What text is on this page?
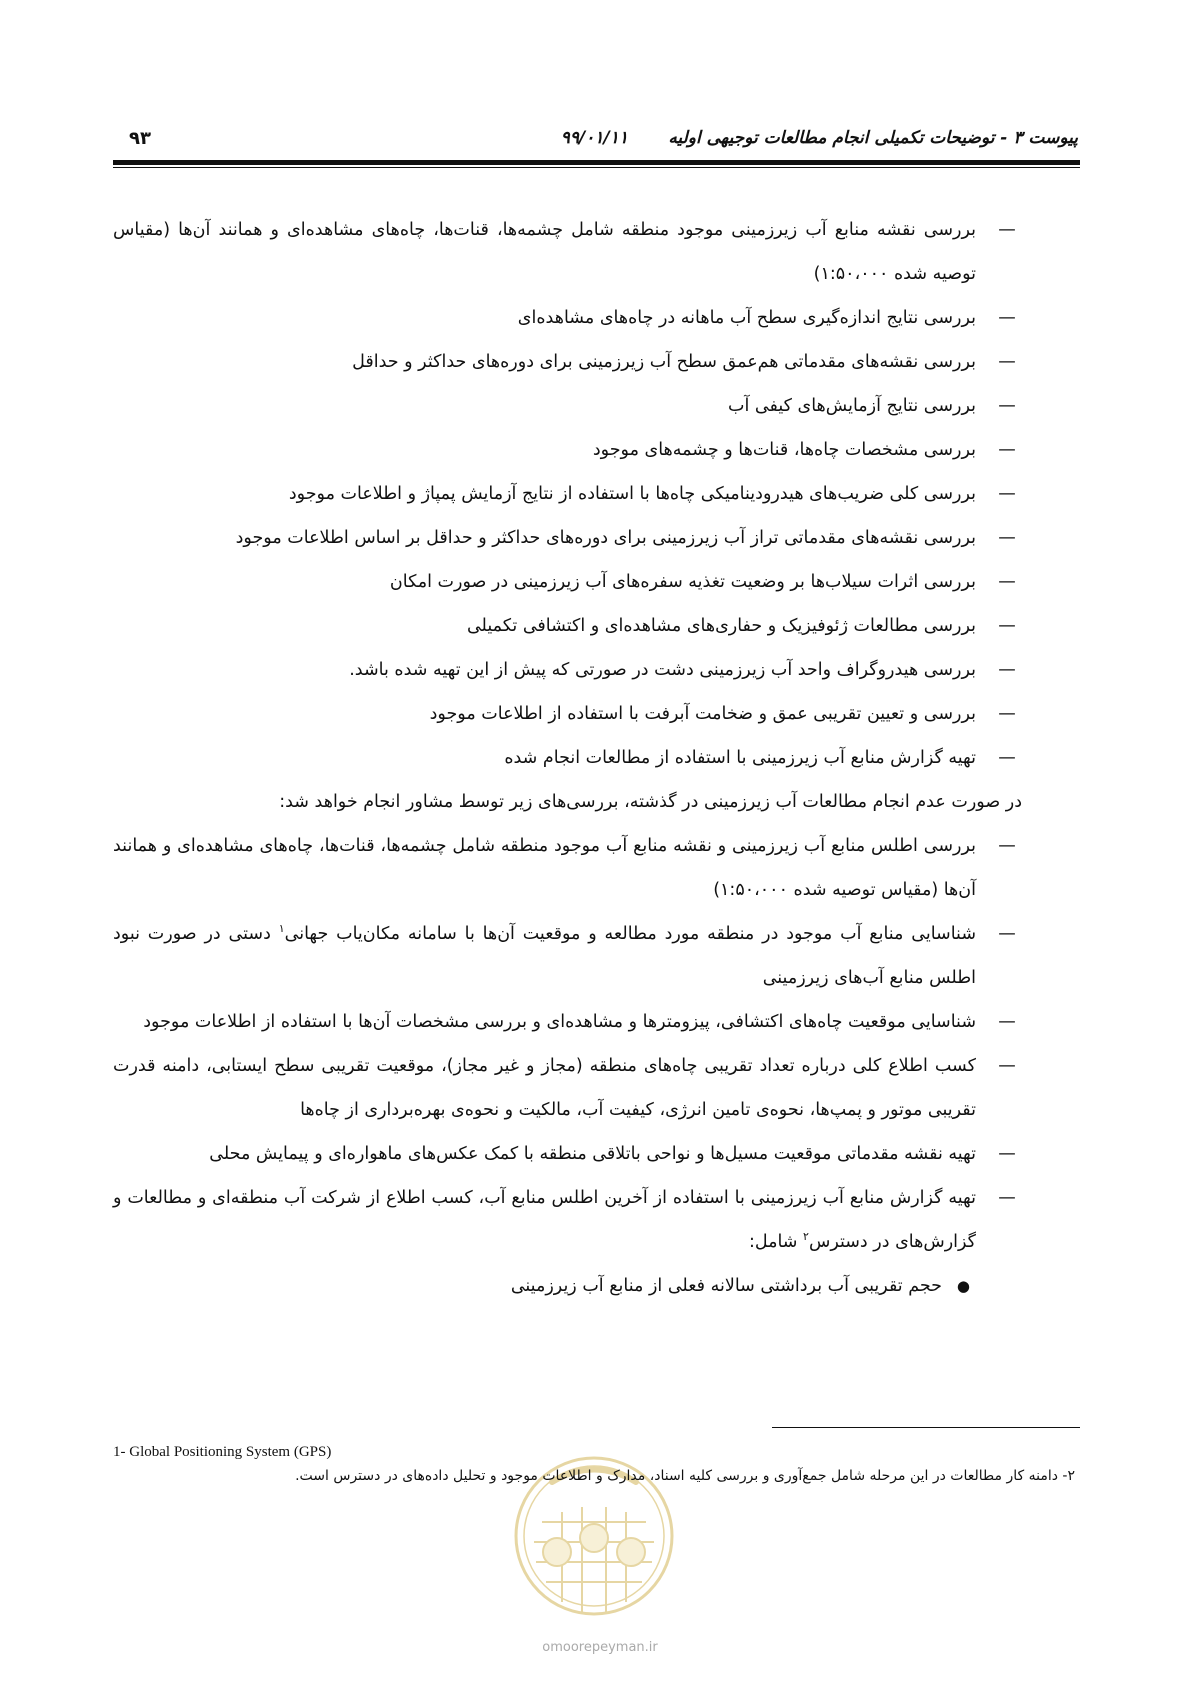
پیوست ۳ - توضیحات تکمیلی انجام مطالعات توجیهی اولیه
۹۹/۰۱/۱۱
۹۳
—
بررسی نقشه منابع آب زیرزمینی موجود منطقه شامل چشمه‌ها، قنات‌ها، چاه‌های مشاهده‌ای و همانند آن‌ها (مقیاس توصیه شده ۱:۵۰،۰۰۰)
—
بررسی نتایج اندازه‌گیری سطح آب ماهانه در چاه‌های مشاهده‌ای
—
بررسی نقشه‌های مقدماتی هم‌عمق سطح آب زیرزمینی برای دوره‌های حداکثر و حداقل
—
بررسی نتایج آزمایش‌های کیفی آب
—
بررسی مشخصات چاه‌ها، قنات‌ها و چشمه‌های موجود
—
بررسی کلی ضریب‌های هیدرودینامیکی چاه‌ها با استفاده از نتایج آزمایش پمپاژ و اطلاعات موجود
—
بررسی نقشه‌های مقدماتی تراز آب زیرزمینی برای دوره‌های حداکثر و حداقل بر اساس اطلاعات موجود
—
بررسی اثرات سیلاب‌ها بر وضعیت تغذیه سفره‌های آب زیرزمینی در صورت امکان
—
بررسی مطالعات ژئوفیزیک و حفاری‌های مشاهده‌ای و اکتشافی تکمیلی
—
بررسی هیدروگراف واحد آب زیرزمینی دشت در صورتی که پیش از این تهیه شده باشد.
—
بررسی و تعیین تقریبی عمق و ضخامت آبرفت با استفاده از اطلاعات موجود
—
تهیه گزارش منابع آب زیرزمینی با استفاده از مطالعات انجام شده
در صورت عدم انجام مطالعات آب زیرزمینی در گذشته، بررسی‌های زیر توسط مشاور انجام خواهد شد:
—
بررسی اطلس منابع آب زیرزمینی و نقشه منابع آب موجود منطقه شامل چشمه‌ها، قنات‌ها، چاه‌های مشاهده‌ای و همانند آن‌ها (مقیاس توصیه شده ۱:۵۰،۰۰۰)
—
شناسایی منابع آب موجود در منطقه مورد مطالعه و موقعیت آن‌ها با سامانه مکان‌یاب جهانی$^۱$ دستی در صورت نبود اطلس منابع آب‌های زیرزمینی
—
شناسایی موقعیت چاه‌های اکتشافی، پیزومترها و مشاهده‌ای و بررسی مشخصات آن‌ها با استفاده از اطلاعات موجود
—
کسب اطلاع کلی درباره تعداد تقریبی چاه‌های منطقه (مجاز و غیر مجاز)، موقعیت تقریبی سطح ایستابی، دامنه قدرت تقریبی موتور و پمپ‌ها، نحوه‌ی تامین انرژی، کیفیت آب، مالکیت و نحوه‌ی بهره‌برداری از چاه‌ها
—
تهیه نقشه مقدماتی موقعیت مسیل‌ها و نواحی باتلاقی منطقه با کمک عکس‌های ماهواره‌ای و پیمایش محلی
—
تهیه گزارش منابع آب زیرزمینی با استفاده از آخرین اطلس منابع آب، کسب اطلاع از شرکت آب منطقه‌ای و مطالعات و گزارش‌های در دسترس$^۲$ شامل:
●
حجم تقریبی آب برداشتی سالانه فعلی از منابع آب زیرزمینی
omoorepeyman.ir
1- Global Positioning System (GPS)
۲- دامنه کار مطالعات در این مرحله شامل جمع‌آوری و بررسی کلیه اسناد، مدارک و اطلاعات موجود و تحلیل داده‌های در دسترس است.
